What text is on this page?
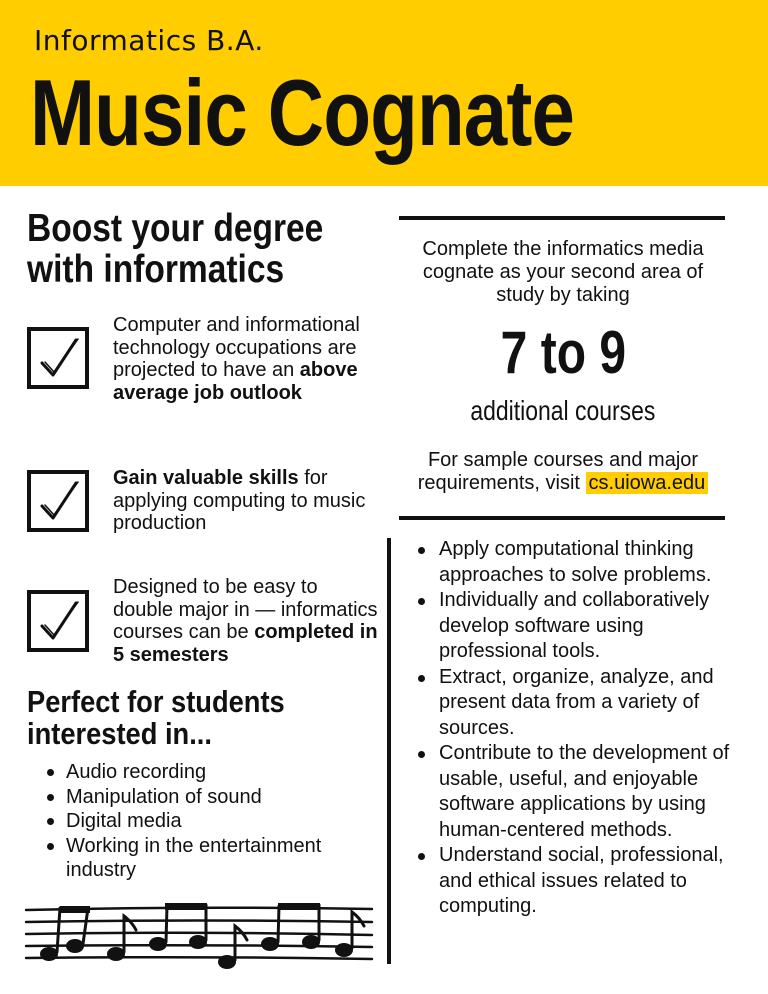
Informatics B.A.
Music Cognate
Boost your degree
with informatics
Computer and informational technology occupations are projected to have an above average job outlook
Gain valuable skills for applying computing to music production
Designed to be easy to double major in — informatics courses can be completed in 5 semesters
Perfect for students
interested in...
Audio recording
Manipulation of sound
Digital media
Working in the entertainment industry
Complete the informatics media cognate as your second area of study by taking
7 to 9
additional courses
For sample courses and major requirements, visit cs.uiowa.edu
Apply computational thinking approaches to solve problems.
Individually and collaboratively develop software using professional tools.
Extract, organize, analyze, and present data from a variety of sources.
Contribute to the development of usable, useful, and enjoyable software applications by using human-centered methods.
Understand social, professional, and ethical issues related to computing.
